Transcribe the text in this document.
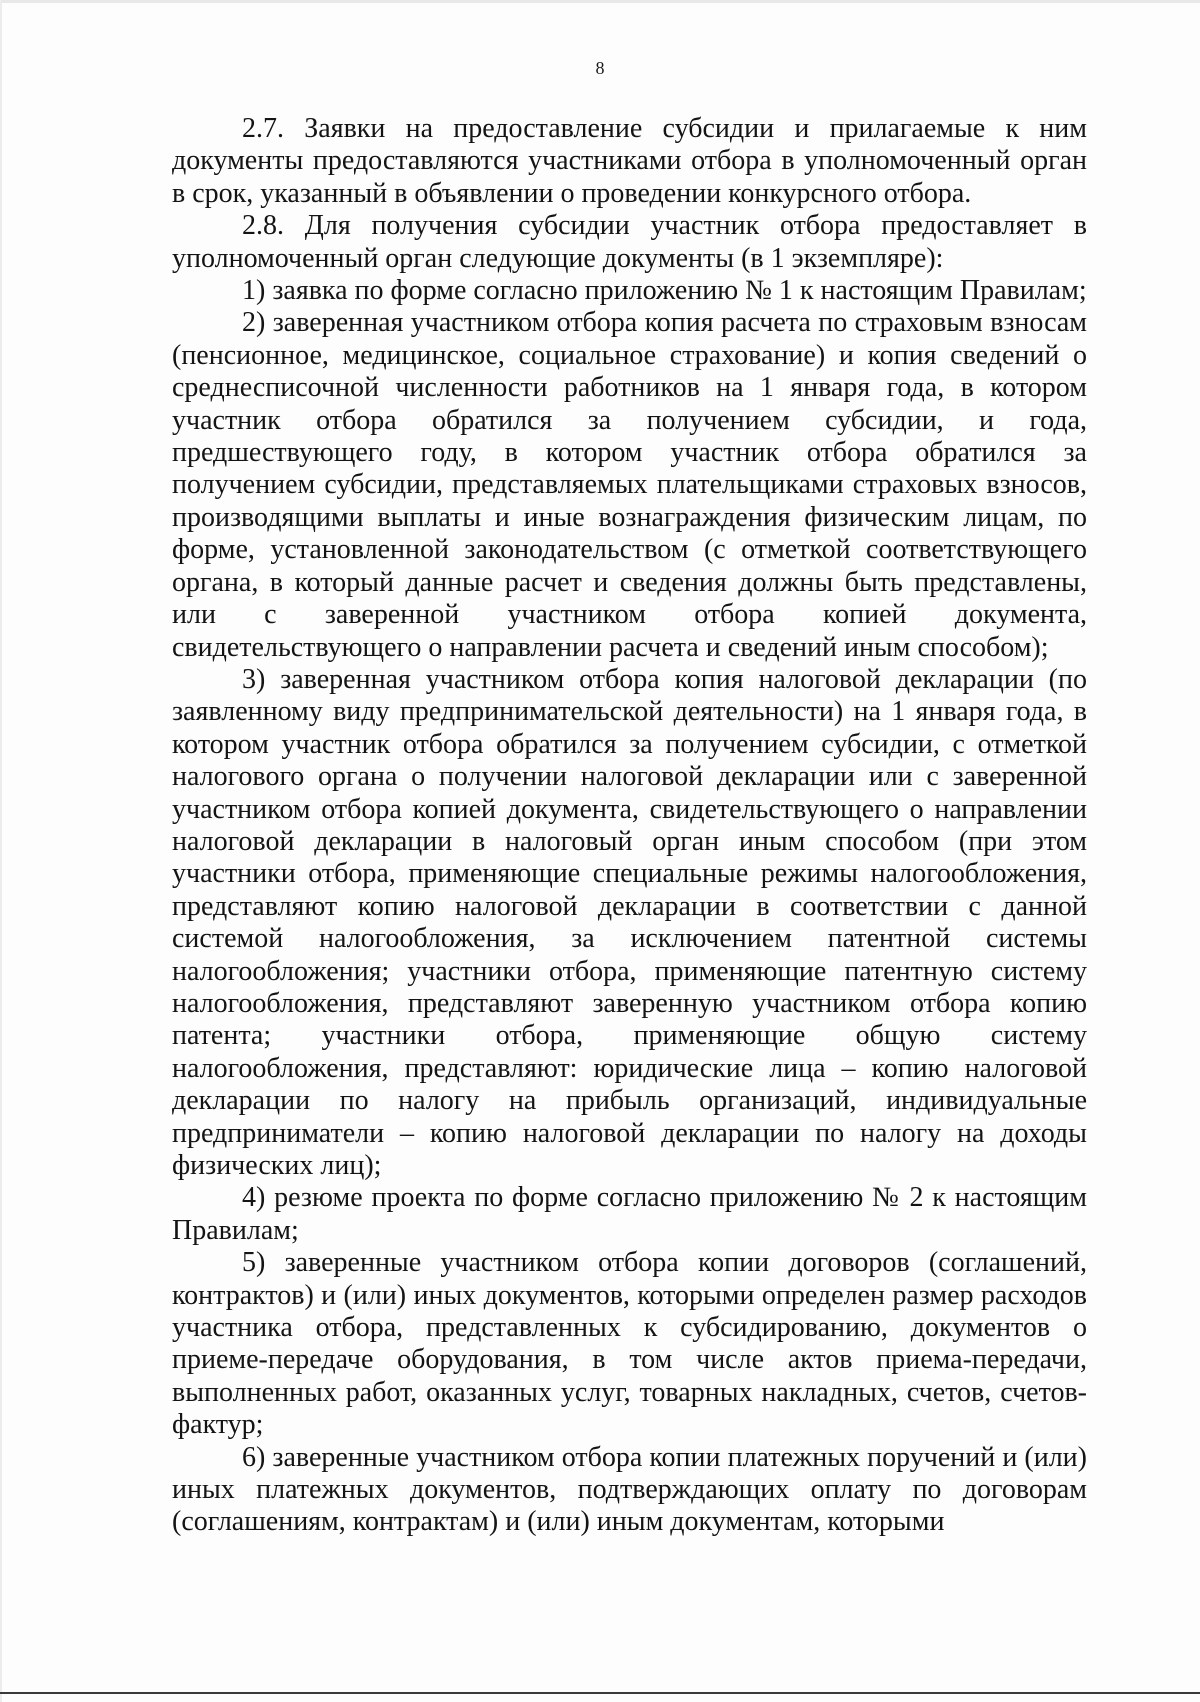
8

2.7. Заявки на предоставление субсидии и прилагаемые к ним документы предоставляются участниками отбора в уполномоченный орган в срок, указанный в объявлении о проведении конкурсного отбора.

2.8. Для получения субсидии участник отбора предоставляет в уполномоченный орган следующие документы (в 1 экземпляре):

1) заявка по форме согласно приложению № 1 к настоящим Правилам;

2) заверенная участником отбора копия расчета по страховым взносам (пенсионное, медицинское, социальное страхование) и копия сведений о среднесписочной численности работников на 1 января года, в котором участник отбора обратился за получением субсидии, и года, предшествующего году, в котором участник отбора обратился за получением субсидии, представляемых плательщиками страховых взносов, производящими выплаты и иные вознаграждения физическим лицам, по форме, установленной законодательством (с отметкой соответствующего органа, в который данные расчет и сведения должны быть представлены, или с заверенной участником отбора копией документа, свидетельствующего о направлении расчета и сведений иным способом);

3) заверенная участником отбора копия налоговой декларации (по заявленному виду предпринимательской деятельности) на 1 января года, в котором участник отбора обратился за получением субсидии, с отметкой налогового органа о получении налоговой декларации или с заверенной участником отбора копией документа, свидетельствующего о направлении налоговой декларации в налоговый орган иным способом (при этом участники отбора, применяющие специальные режимы налогообложения, представляют копию налоговой декларации в соответствии с данной системой налогообложения, за исключением патентной системы налогообложения; участники отбора, применяющие патентную систему налогообложения, представляют заверенную участником отбора копию патента; участники отбора, применяющие общую систему налогообложения, представляют: юридические лица – копию налоговой декларации по налогу на прибыль организаций, индивидуальные предприниматели – копию налоговой декларации по налогу на доходы физических лиц);

4) резюме проекта по форме согласно приложению № 2 к настоящим Правилам;

5) заверенные участником отбора копии договоров (соглашений, контрактов) и (или) иных документов, которыми определен размер расходов участника отбора, представленных к субсидированию, документов о приеме-передаче оборудования, в том числе актов приема-передачи, выполненных работ, оказанных услуг, товарных накладных, счетов, счетов-фактур;

6) заверенные участником отбора копии платежных поручений и (или) иных платежных документов, подтверждающих оплату по договорам (соглашениям, контрактам) и (или) иным документам, которыми
